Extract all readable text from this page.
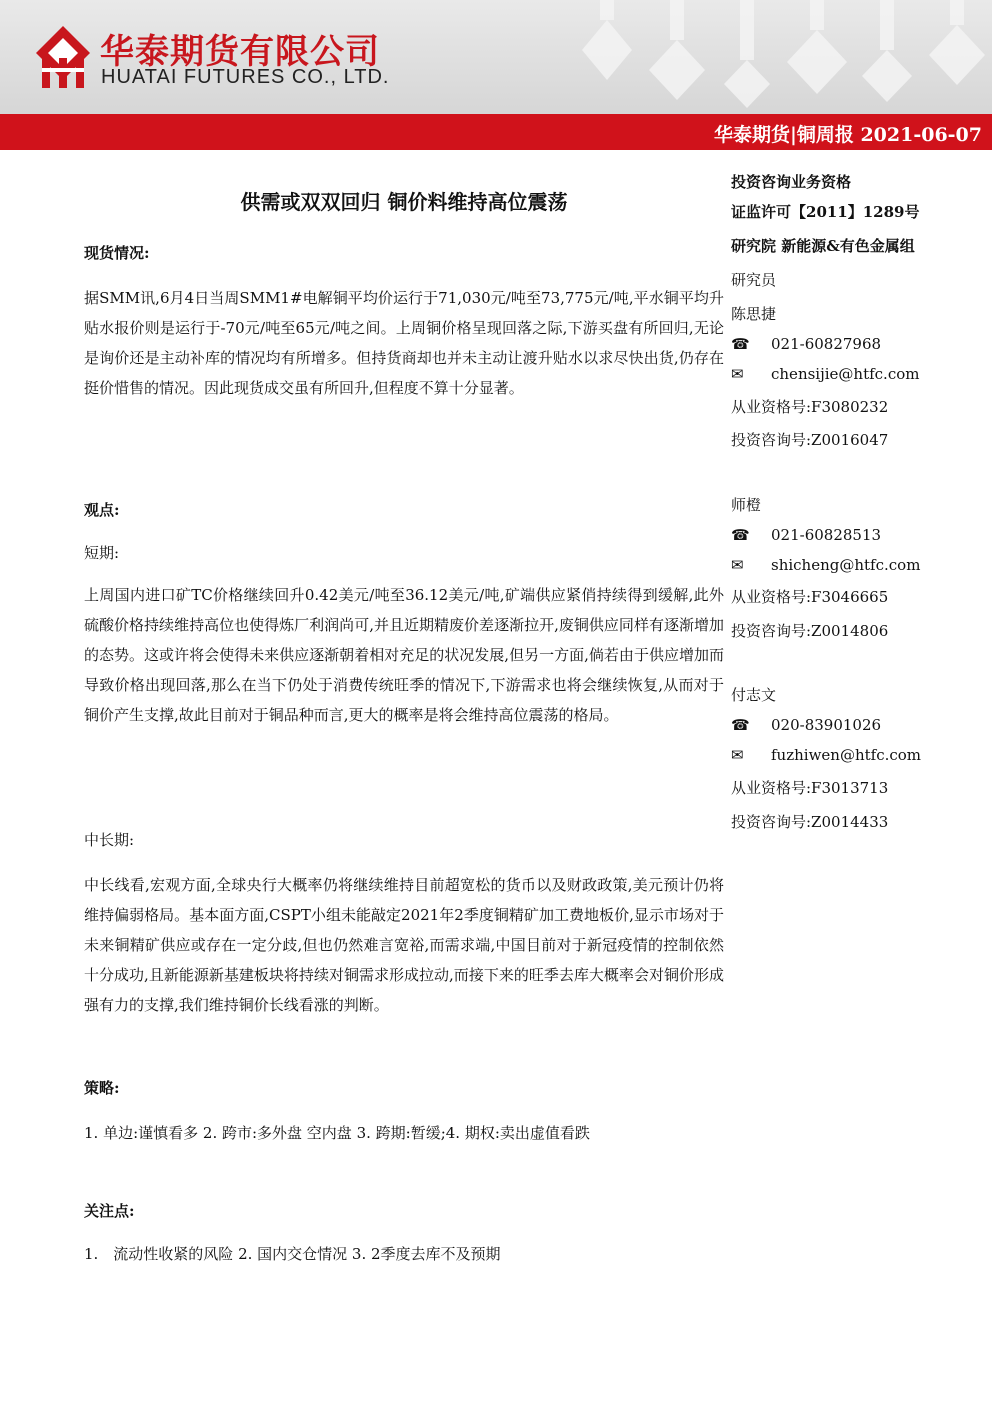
华泰期货有限公司
HUATAI FUTURES CO., LTD.
华泰期货|铜周报 2021-06-07
供需或双双回归 铜价料维持高位震荡
现货情况:

据SMM讯,6月4日当周SMM1#电解铜平均价运行于71,030元/吨至73,775元/吨,平水铜平均升贴水报价则是运行于-70元/吨至65元/吨之间。上周铜价格呈现回落之际,下游买盘有所回归,无论是询价还是主动补库的情况均有所增多。但持货商却也并未主动让渡升贴水以求尽快出货,仍存在挺价惜售的情况。因此现货成交虽有所回升,但程度不算十分显著。

观点:
短期:

上周国内进口矿TC价格继续回升0.42美元/吨至36.12美元/吨,矿端供应紧俏持续得到缓解,此外硫酸价格持续维持高位也使得炼厂利润尚可,并且近期精废价差逐渐拉开,废铜供应同样有逐渐增加的态势。这或许将会使得未来供应逐渐朝着相对充足的状况发展,但另一方面,倘若由于供应增加而导致价格出现回落,那么在当下仍处于消费传统旺季的情况下,下游需求也将会继续恢复,从而对于铜价产生支撑,故此目前对于铜品种而言,更大的概率是将会维持高位震荡的格局。

中长期:

中长线看,宏观方面,全球央行大概率仍将继续维持目前超宽松的货币以及财政政策,美元预计仍将维持偏弱格局。基本面方面,CSPT小组未能敲定2021年2季度铜精矿加工费地板价,显示市场对于未来铜精矿供应或存在一定分歧,但也仍然难言宽裕,而需求端,中国目前对于新冠疫情的控制依然十分成功,且新能源新基建板块将持续对铜需求形成拉动,而接下来的旺季去库大概率会对铜价形成强有力的支撑,我们维持铜价长线看涨的判断。

策略:

1. 单边:谨慎看多 2. 跨市:多外盘 空内盘 3. 跨期:暂缓;4. 期权:卖出虚值看跌

关注点:

1.　流动性收紧的风险 2. 国内交仓情况 3. 2季度去库不及预期

投资咨询业务资格
证监许可【2011】1289号
研究院 新能源&有色金属组
研究员
陈思捷
☎ 021-60827968
✉ chensijie@htfc.com
从业资格号:F3080232
投资咨询号:Z0016047
师橙
☎ 021-60828513
✉ shicheng@htfc.com
从业资格号:F3046665
投资咨询号:Z0014806
付志文
☎ 020-83901026
✉ fuzhiwen@htfc.com
从业资格号:F3013713
投资咨询号:Z0014433
